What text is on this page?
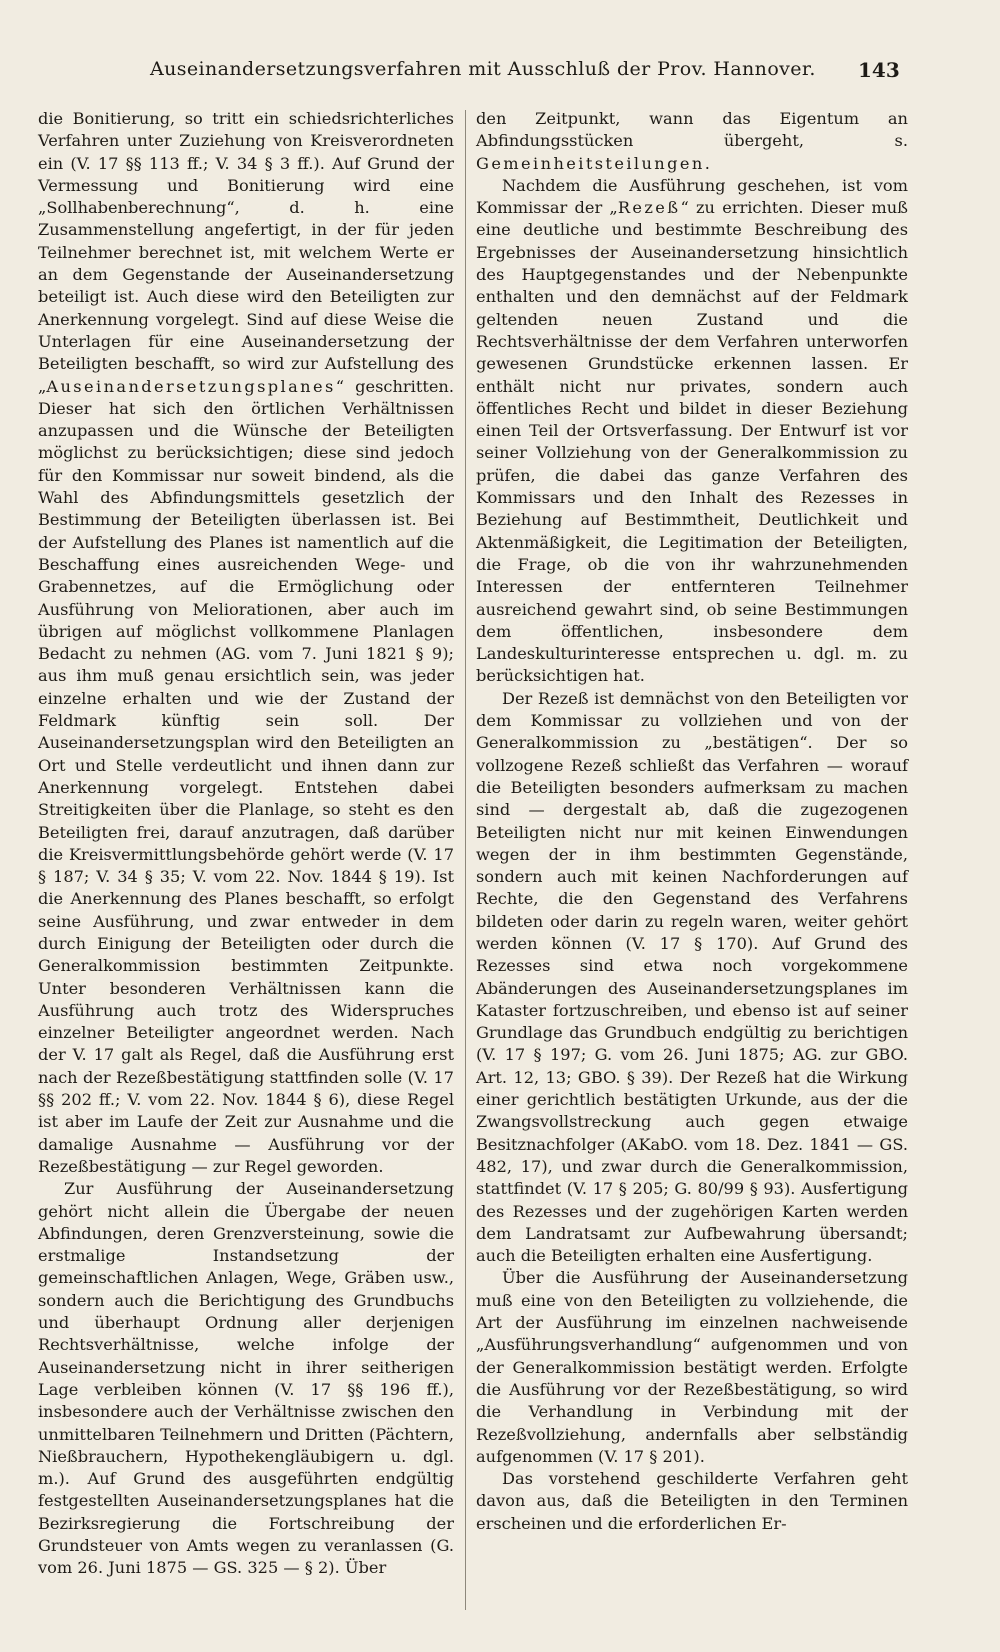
Auseinandersetzungsverfahren mit Ausschluß der Prov. Hannover. 143

die Bonitierung, so tritt ein schiedsrichterliches Verfahren unter Zuziehung von Kreisverordneten ein (V. 17 §§ 113 ff.; V. 34 § 3 ff.). Auf Grund der Vermessung und Bonitierung wird eine „Sollhabenberechnung“, d. h. eine Zusammenstellung angefertigt, in der für jeden Teilnehmer berechnet ist, mit welchem Werte er an dem Gegenstande der Auseinandersetzung beteiligt ist. Auch diese wird den Beteiligten zur Anerkennung vorgelegt. Sind auf diese Weise die Unterlagen für eine Auseinandersetzung der Beteiligten beschafft, so wird zur Aufstellung des „Auseinandersetzungsplanes“ geschritten. Dieser hat sich den örtlichen Verhältnissen anzupassen und die Wünsche der Beteiligten möglichst zu berücksichtigen; diese sind jedoch für den Kommissar nur soweit bindend, als die Wahl des Abfindungsmittels gesetzlich der Bestimmung der Beteiligten überlassen ist. Bei der Aufstellung des Planes ist namentlich auf die Beschaffung eines ausreichenden Wege- und Grabennetzes, auf die Ermöglichung oder Ausführung von Meliorationen, aber auch im übrigen auf möglichst vollkommene Planlagen Bedacht zu nehmen (AG. vom 7. Juni 1821 § 9); aus ihm muß genau ersichtlich sein, was jeder einzelne erhalten und wie der Zustand der Feldmark künftig sein soll. Der Auseinandersetzungsplan wird den Beteiligten an Ort und Stelle verdeutlicht und ihnen dann zur Anerkennung vorgelegt. Entstehen dabei Streitigkeiten über die Planlage, so steht es den Beteiligten frei, darauf anzutragen, daß darüber die Kreisvermittlungsbehörde gehört werde (V. 17 § 187; V. 34 § 35; V. vom 22. Nov. 1844 § 19). Ist die Anerkennung des Planes beschafft, so erfolgt seine Ausführung, und zwar entweder in dem durch Einigung der Beteiligten oder durch die Generalkommission bestimmten Zeitpunkte. Unter besonderen Verhältnissen kann die Ausführung auch trotz des Widerspruches einzelner Beteiligter angeordnet werden. Nach der V. 17 galt als Regel, daß die Ausführung erst nach der Rezeßbestätigung stattfinden solle (V. 17 §§ 202 ff.; V. vom 22. Nov. 1844 § 6), diese Regel ist aber im Laufe der Zeit zur Ausnahme und die damalige Ausnahme — Ausführung vor der Rezeßbestätigung — zur Regel geworden.

Zur Ausführung der Auseinandersetzung gehört nicht allein die Übergabe der neuen Abfindungen, deren Grenzversteinung, sowie die erstmalige Instandsetzung der gemeinschaftlichen Anlagen, Wege, Gräben usw., sondern auch die Berichtigung des Grundbuchs und überhaupt Ordnung aller derjenigen Rechtsverhältnisse, welche infolge der Auseinandersetzung nicht in ihrer seitherigen Lage verbleiben können (V. 17 §§ 196 ff.), insbesondere auch der Verhältnisse zwischen den unmittelbaren Teilnehmern und Dritten (Pächtern, Nießbrauchern, Hypothekengläubigern u. dgl. m.). Auf Grund des ausgeführten endgültig festgestellten Auseinandersetzungsplanes hat die Bezirksregierung die Fortschreibung der Grundsteuer von Amts wegen zu veranlassen (G. vom 26. Juni 1875 — GS. 325 — § 2). Über

den Zeitpunkt, wann das Eigentum an Abfindungsstücken übergeht, s. Gemeinheitsteilungen.

Nachdem die Ausführung geschehen, ist vom Kommissar der „Rezeß“ zu errichten. Dieser muß eine deutliche und bestimmte Beschreibung des Ergebnisses der Auseinandersetzung hinsichtlich des Hauptgegenstandes und der Nebenpunkte enthalten und den demnächst auf der Feldmark geltenden neuen Zustand und die Rechtsverhältnisse der dem Verfahren unterworfen gewesenen Grundstücke erkennen lassen. Er enthält nicht nur privates, sondern auch öffentliches Recht und bildet in dieser Beziehung einen Teil der Ortsverfassung. Der Entwurf ist vor seiner Vollziehung von der Generalkommission zu prüfen, die dabei das ganze Verfahren des Kommissars und den Inhalt des Rezesses in Beziehung auf Bestimmtheit, Deutlichkeit und Aktenmäßigkeit, die Legitimation der Beteiligten, die Frage, ob die von ihr wahrzunehmenden Interessen der entfernteren Teilnehmer ausreichend gewahrt sind, ob seine Bestimmungen dem öffentlichen, insbesondere dem Landeskulturinteresse entsprechen u. dgl. m. zu berücksichtigen hat.

Der Rezeß ist demnächst von den Beteiligten vor dem Kommissar zu vollziehen und von der Generalkommission zu „bestätigen“. Der so vollzogene Rezeß schließt das Verfahren — worauf die Beteiligten besonders aufmerksam zu machen sind — dergestalt ab, daß die zugezogenen Beteiligten nicht nur mit keinen Einwendungen wegen der in ihm bestimmten Gegenstände, sondern auch mit keinen Nachforderungen auf Rechte, die den Gegenstand des Verfahrens bildeten oder darin zu regeln waren, weiter gehört werden können (V. 17 § 170). Auf Grund des Rezesses sind etwa noch vorgekommene Abänderungen des Auseinandersetzungsplanes im Kataster fortzuschreiben, und ebenso ist auf seiner Grundlage das Grundbuch endgültig zu berichtigen (V. 17 § 197; G. vom 26. Juni 1875; AG. zur GBO. Art. 12, 13; GBO. § 39). Der Rezeß hat die Wirkung einer gerichtlich bestätigten Urkunde, aus der die Zwangsvollstreckung auch gegen etwaige Besitznachfolger (AKabO. vom 18. Dez. 1841 — GS. 482, 17), und zwar durch die Generalkommission, stattfindet (V. 17 § 205; G. 80/99 § 93). Ausfertigung des Rezesses und der zugehörigen Karten werden dem Landratsamt zur Aufbewahrung übersandt; auch die Beteiligten erhalten eine Ausfertigung.

Über die Ausführung der Auseinandersetzung muß eine von den Beteiligten zu vollziehende, die Art der Ausführung im einzelnen nachweisende „Ausführungsverhandlung“ aufgenommen und von der Generalkommission bestätigt werden. Erfolgte die Ausführung vor der Rezeßbestätigung, so wird die Verhandlung in Verbindung mit der Rezeßvollziehung, andernfalls aber selbständig aufgenommen (V. 17 § 201).

Das vorstehend geschilderte Verfahren geht davon aus, daß die Beteiligten in den Terminen erscheinen und die erforderlichen Er-
